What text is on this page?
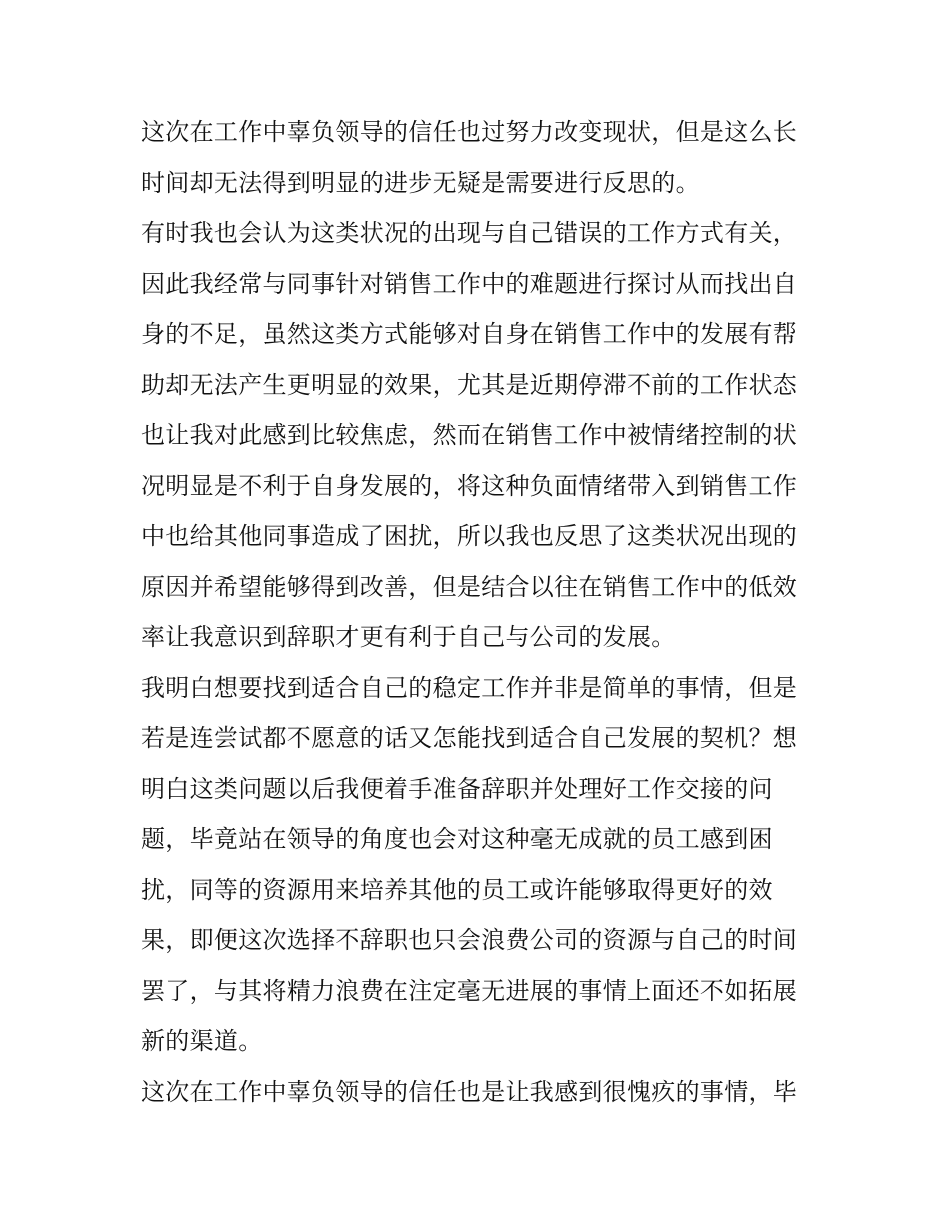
这次在工作中辜负领导的信任也过努力改变现状，但是这么长
时间却无法得到明显的进步无疑是需要进行反思的。
有时我也会认为这类状况的出现与自己错误的工作方式有关，
因此我经常与同事针对销售工作中的难题进行探讨从而找出自
身的不足，虽然这类方式能够对自身在销售工作中的发展有帮
助却无法产生更明显的效果，尤其是近期停滞不前的工作状态
也让我对此感到比较焦虑，然而在销售工作中被情绪控制的状
况明显是不利于自身发展的，将这种负面情绪带入到销售工作
中也给其他同事造成了困扰，所以我也反思了这类状况出现的
原因并希望能够得到改善，但是结合以往在销售工作中的低效
率让我意识到辞职才更有利于自己与公司的发展。
我明白想要找到适合自己的稳定工作并非是简单的事情，但是
若是连尝试都不愿意的话又怎能找到适合自己发展的契机？想
明白这类问题以后我便着手准备辞职并处理好工作交接的问
题，毕竟站在领导的角度也会对这种毫无成就的员工感到困
扰，同等的资源用来培养其他的员工或许能够取得更好的效
果，即便这次选择不辞职也只会浪费公司的资源与自己的时间
罢了，与其将精力浪费在注定毫无进展的事情上面还不如拓展
新的渠道。
这次在工作中辜负领导的信任也是让我感到很愧疚的事情，毕
